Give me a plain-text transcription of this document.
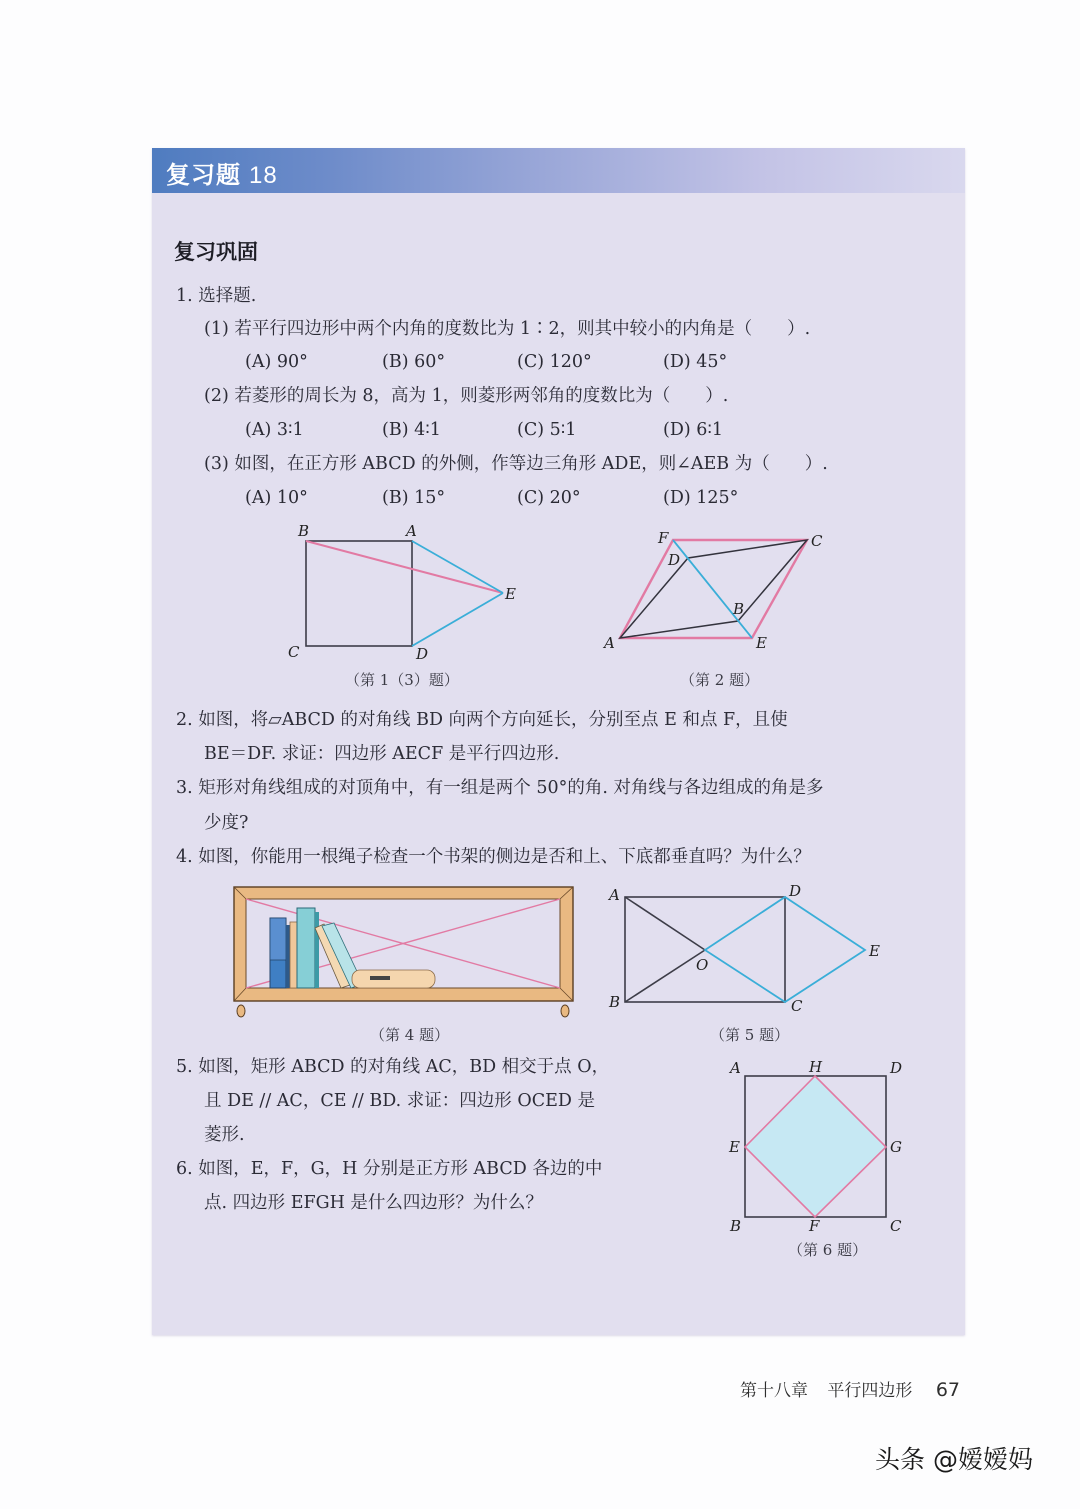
复习题 18
复习巩固
1. 选择题.
(1) 若平行四边形中两个内角的度数比为 1∶2，则其中较小的内角是（　　）.
(A) 90°	(B) 60°	(C) 120°	(D) 45°
(2) 若菱形的周长为 8，高为 1，则菱形两邻角的度数比为（　　）.
(A) 3∶1	(B) 4∶1	(C) 5∶1	(D) 6∶1
(3) 如图，在正方形 ABCD 的外侧，作等边三角形 ADE，则∠AEB 为（　　）.
(A) 10°	(B) 15°	(C) 20°	(D) 125°
B	A
C	D
E
（第 1（3）题）
F
D
C
B
A	E
（第 2 题）
2. 如图，将▱ABCD 的对角线 BD 向两个方向延长，分别至点 E 和点 F，且使
BE＝DF. 求证：四边形 AECF 是平行四边形.
3. 矩形对角线组成的对顶角中，有一组是两个 50°的角. 对角线与各边组成的角是多
少度?
4. 如图，你能用一根绳子检查一个书架的侧边是否和上、下底都垂直吗？为什么？
（第 4 题）
A	D
E
O
B	C
（第 5 题）
5. 如图，矩形 ABCD 的对角线 AC，BD 相交于点 O，
且 DE // AC，CE // BD. 求证：四边形 OCED 是
菱形.
6. 如图，E，F，G，H 分别是正方形 ABCD 各边的中
点. 四边形 EFGH 是什么四边形？为什么？
A	H	D
E	G
B	F	C
（第 6 题）
第十八章 平行四边形 67
头条 @嫒嫒妈
